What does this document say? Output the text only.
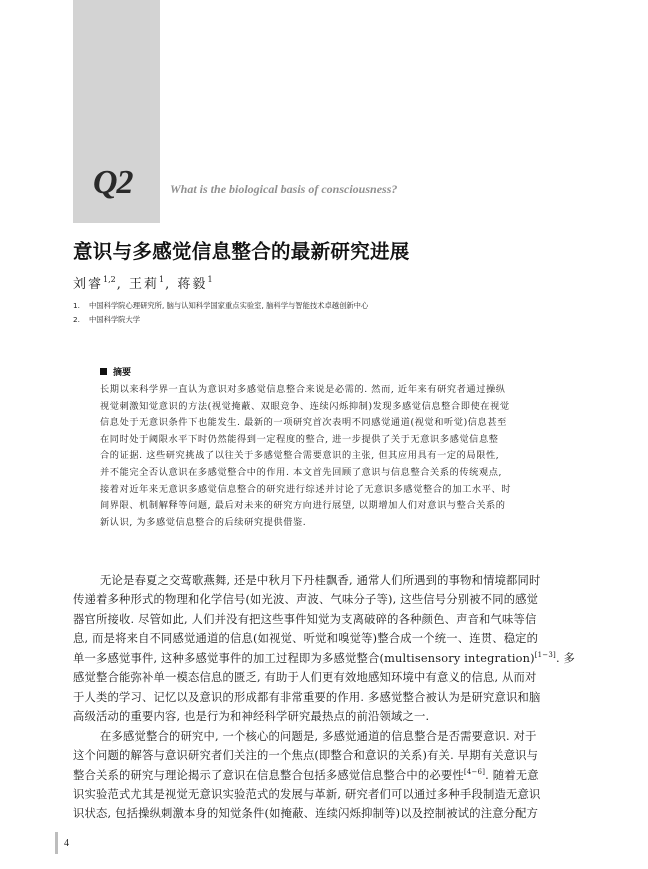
Q2	What is the biological basis of consciousness?
意识与多感觉信息整合的最新研究进展
刘睿$^{1,2}$, 王莉$^1$, 蒋毅$^1$
1. 中国科学院心理研究所, 脑与认知科学国家重点实验室, 脑科学与智能技术卓越创新中心
2. 中国科学院大学
摘要
长期以来科学界一直认为意识对多感觉信息整合来说是必需的. 然而, 近年来有研究者通过操纵
视觉刺激知觉意识的方法(视觉掩蔽、双眼竞争、连续闪烁抑制)发现多感觉信息整合即使在视觉
信息处于无意识条件下也能发生. 最新的一项研究首次表明不同感觉通道(视觉和听觉)信息甚至
在同时处于阈限水平下时仍然能得到一定程度的整合, 进一步提供了关于无意识多感觉信息整
合的证据. 这些研究挑战了以往关于多感觉整合需要意识的主张, 但其应用具有一定的局限性,
并不能完全否认意识在多感觉整合中的作用. 本文首先回顾了意识与信息整合关系的传统观点,
接着对近年来无意识多感觉信息整合的研究进行综述并讨论了无意识多感觉整合的加工水平、时
间界限、机制解释等问题, 最后对未来的研究方向进行展望, 以期增加人们对意识与整合关系的
新认识, 为多感觉信息整合的后续研究提供借鉴.
无论是春夏之交莺歌燕舞, 还是中秋月下丹桂飘香, 通常人们所遇到的事物和情境都同时
传递着多种形式的物理和化学信号(如光波、声波、气味分子等), 这些信号分别被不同的感觉
器官所接收. 尽管如此, 人们并没有把这些事件知觉为支离破碎的各种颜色、声音和气味等信
息, 而是将来自不同感觉通道的信息(如视觉、听觉和嗅觉等)整合成一个统一、连贯、稳定的
单一多感觉事件, 这种多感觉事件的加工过程即为多感觉整合(multisensory integration)[1−3]. 多
感觉整合能弥补单一模态信息的匮乏, 有助于人们更有效地感知环境中有意义的信息, 从而对
于人类的学习、记忆以及意识的形成都有非常重要的作用. 多感觉整合被认为是研究意识和脑
高级活动的重要内容, 也是行为和神经科学研究最热点的前沿领域之一.
在多感觉整合的研究中, 一个核心的问题是, 多感觉通道的信息整合是否需要意识. 对于
这个问题的解答与意识研究者们关注的一个焦点(即整合和意识的关系)有关. 早期有关意识与
整合关系的研究与理论揭示了意识在信息整合包括多感觉信息整合中的必要性[4−6]. 随着无意
识实验范式尤其是视觉无意识实验范式的发展与革新, 研究者们可以通过多种手段制造无意识
识状态, 包括操纵刺激本身的知觉条件(如掩蔽、连续闪烁抑制等)以及控制被试的注意分配方
4
